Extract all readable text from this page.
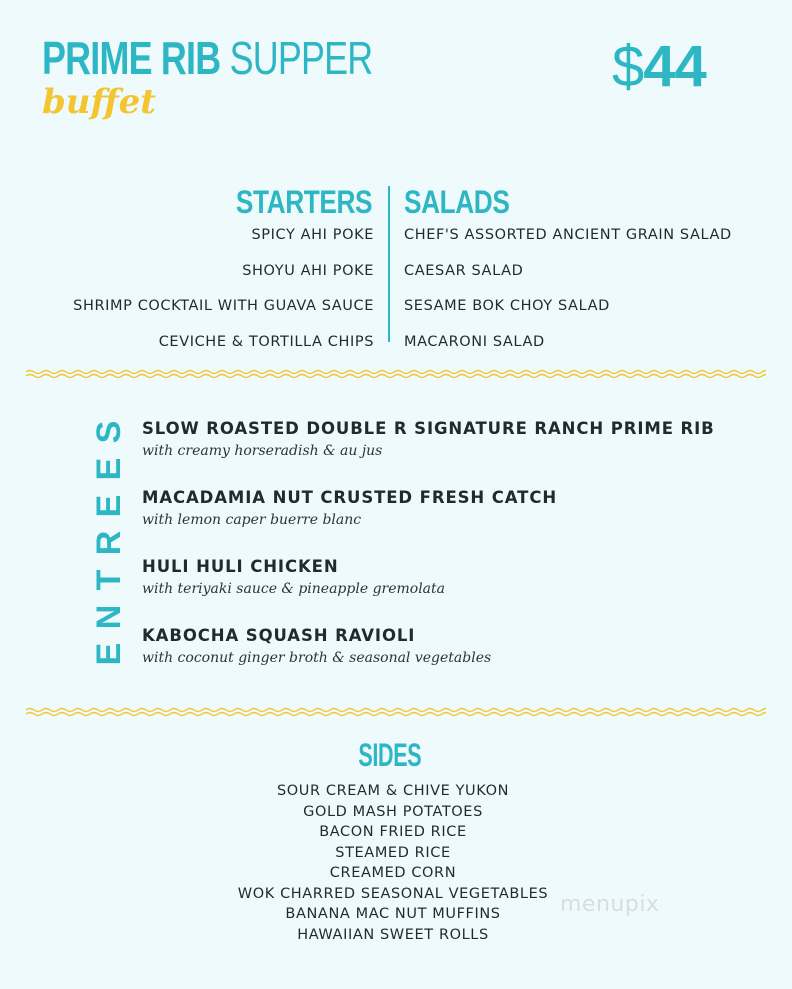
PRIME RIB SUPPER
buffet
$44
STARTERS SALADS
SPICY AHI POKE
SHOYU AHI POKE
SHRIMP COCKTAIL WITH GUAVA SAUCE
CEVICHE & TORTILLA CHIPS
CHEF'S ASSORTED ANCIENT GRAIN SALAD
CAESAR SALAD
SESAME BOK CHOY SALAD
MACARONI SALAD
E
N
T
R
E
E
S SLOW ROASTED DOUBLE R SIGNATURE RANCH PRIME RIB
with creamy horseradish & au jus
MACADAMIA NUT CRUSTED FRESH CATCH
with lemon caper buerre blanc
HULI HULI CHICKEN
with teriyaki sauce & pineapple gremolata
KABOCHA SQUASH RAVIOLI
with coconut ginger broth & seasonal vegetables
SIDES
SOUR CREAM & CHIVE YUKON
GOLD MASH POTATOES
BACON FRIED RICE
STEAMED RICE
CREAMED CORN
WOK CHARRED SEASONAL VEGETABLES
BANANA MAC NUT MUFFINS
HAWAIIAN SWEET ROLLS
menupix
